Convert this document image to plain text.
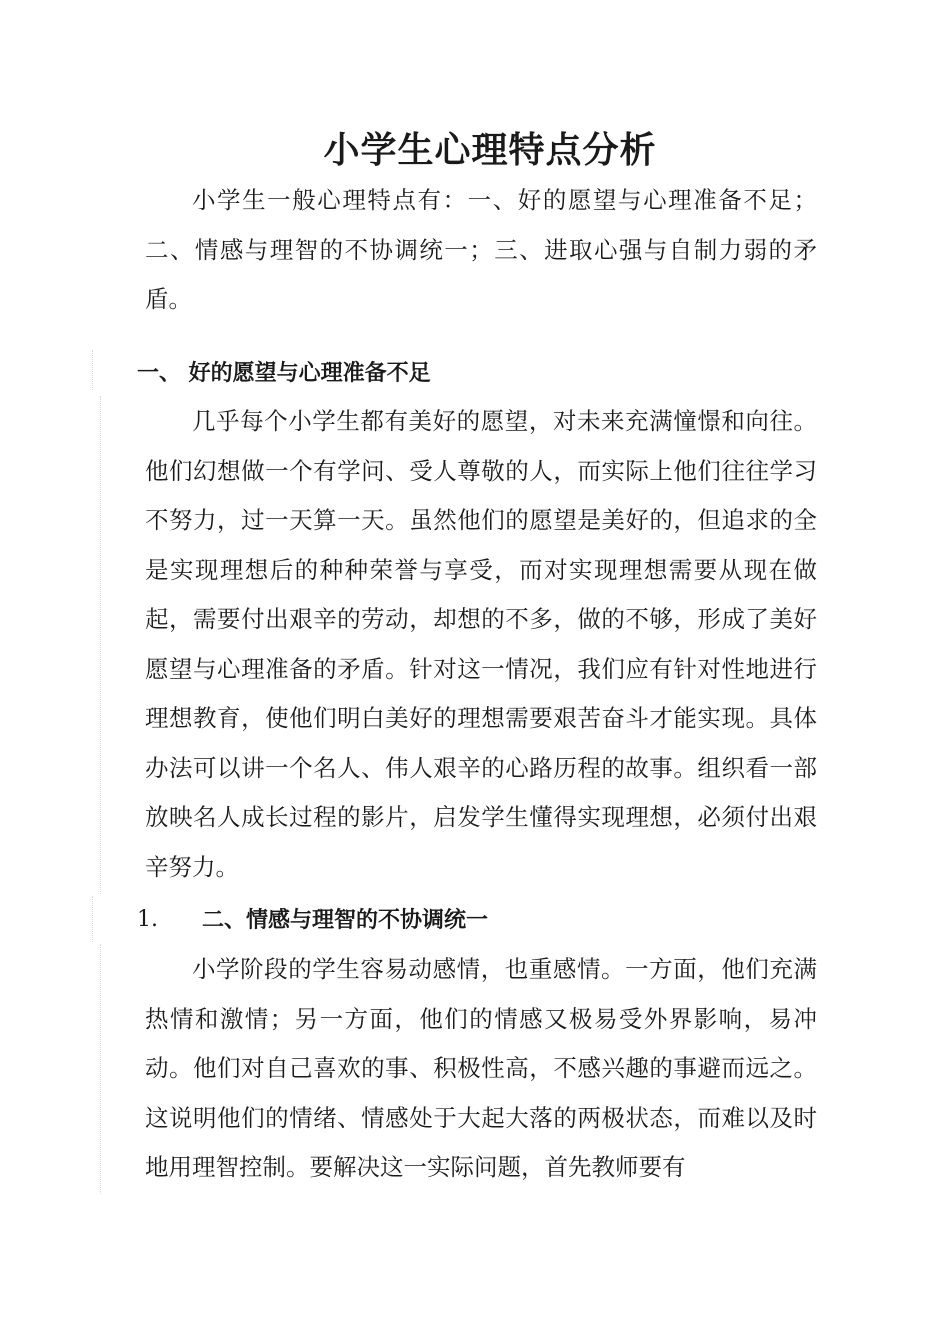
小学生心理特点分析
小学生一般心理特点有：一、好的愿望与心理准备不足；二、情感与理智的不协调统一；三、进取心强与自制力弱的矛盾。
一、 好的愿望与心理准备不足
几乎每个小学生都有美好的愿望，对未来充满憧憬和向往。他们幻想做一个有学问、受人尊敬的人，而实际上他们往往学习不努力，过一天算一天。虽然他们的愿望是美好的，但追求的全是实现理想后的种种荣誉与享受，而对实现理想需要从现在做起，需要付出艰辛的劳动，却想的不多，做的不够，形成了美好愿望与心理准备的矛盾。针对这一情况，我们应有针对性地进行理想教育，使他们明白美好的理想需要艰苦奋斗才能实现。具体办法可以讲一个名人、伟人艰辛的心路历程的故事。组织看一部放映名人成长过程的影片，启发学生懂得实现理想，必须付出艰辛努力。
1. 二、情感与理智的不协调统一
小学阶段的学生容易动感情，也重感情。一方面，他们充满热情和激情；另一方面，他们的情感又极易受外界影响，易冲动。他们对自己喜欢的事、积极性高，不感兴趣的事避而远之。这说明他们的情绪、情感处于大起大落的两极状态，而难以及时地用理智控制。要解决这一实际问题，首先教师要有
